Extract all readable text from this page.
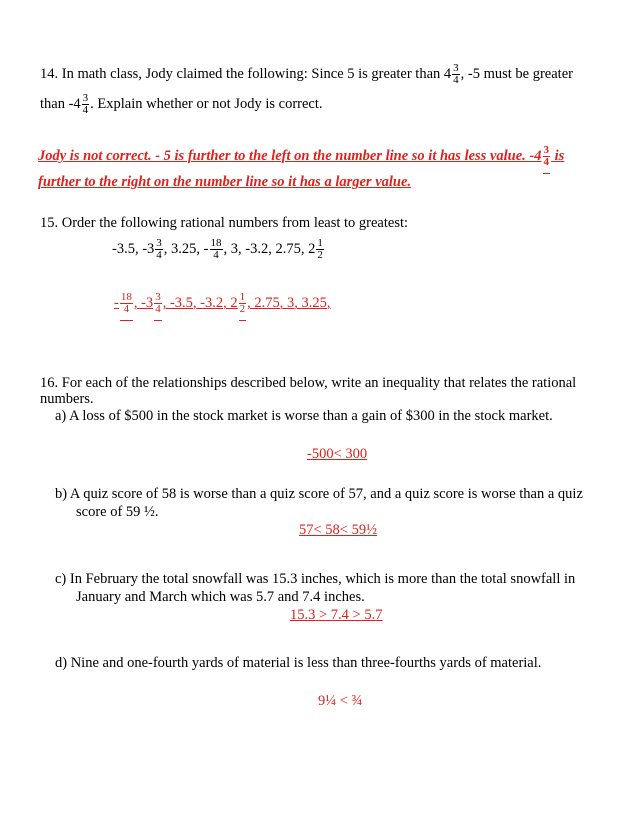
14. In math class, Jody claimed the following: Since 5 is greater than $4 \frac{3}{4}$ , -5 must be greater
than $-4 \frac{3}{4}$ . Explain whether or not Jody is correct.
Jody is not correct. - 5 is further to the left on the number line so it has less value. $-4 \frac{3}{4}$ is
further to the right on the number line so it has a larger value.
15. Order the following rational numbers from least to greatest:
-3.5, $-3 \frac{3}{4}$ , 3.25, - $\frac{18}{4}$ , 3, -3.2, 2.75, $2 \frac{1}{2}$
- $\frac{18}{4}$ , $-3 \frac{3}{4}$ , -3.5, -3.2, $2 \frac{1}{2}$ , 2.75, 3, 3.25,
16. For each of the relationships described below, write an inequality that relates the rational
numbers.
a) A loss of $500 in the stock market is worse than a gain of $300 in the stock market.
-500< 300
b) A quiz score of 58 is worse than a quiz score of 57, and a quiz score is worse than a quiz
score of 59 ½.
57< 58< 59½
c) In February the total snowfall was 15.3 inches, which is more than the total snowfall in
January and March which was 5.7 and 7.4 inches.
15.3 > 7.4 > 5.7
d) Nine and one-fourth yards of material is less than three-fourths yards of material.
9¼ < ¾
